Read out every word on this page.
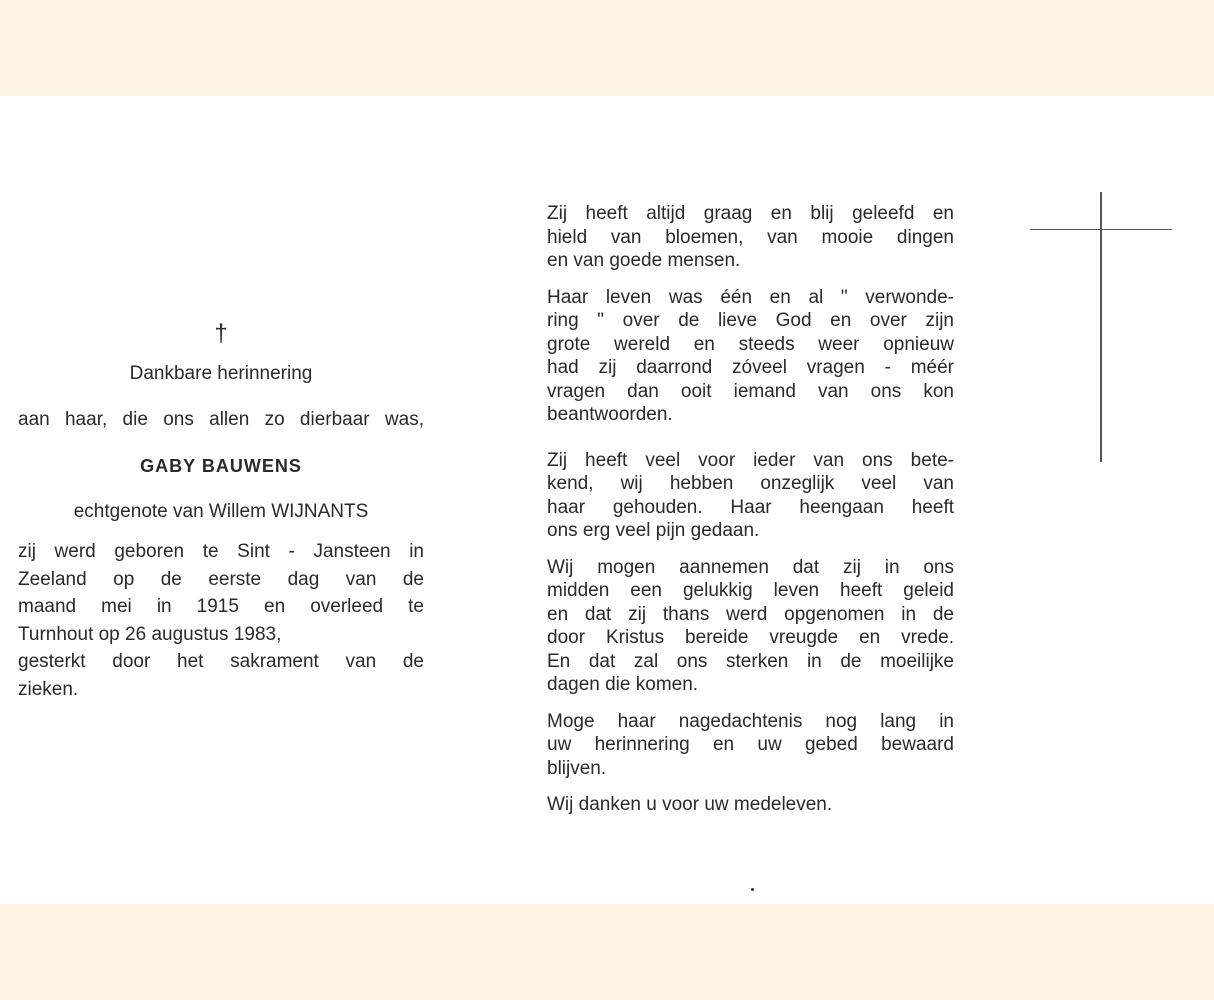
†
Dankbare herinnering
aan haar, die ons allen zo dierbaar was,
GABY BAUWENS
echtgenote van Willem WIJNANTS
zij werd geboren te Sint - Jansteen in
Zeeland op de eerste dag van de
maand mei in 1915 en overleed te
Turnhout op 26 augustus 1983,
gesterkt door het sakrament van de
zieken.
Zij heeft altijd graag en blij geleefd en
hield van bloemen, van mooie dingen
en van goede mensen.
Haar leven was één en al " verwonde-
ring " over de lieve God en over zijn
grote wereld en steeds weer opnieuw
had zij daarrond zóveel vragen - méér
vragen dan ooit iemand van ons kon
beantwoorden.
Zij heeft veel voor ieder van ons bete-
kend, wij hebben onzeglijk veel van
haar gehouden. Haar heengaan heeft
ons erg veel pijn gedaan.
Wij mogen aannemen dat zij in ons
midden een gelukkig leven heeft geleid
en dat zij thans werd opgenomen in de
door Kristus bereide vreugde en vrede.
En dat zal ons sterken in de moeilijke
dagen die komen.
Moge haar nagedachtenis nog lang in
uw herinnering en uw gebed bewaard
blijven.
Wij danken u voor uw medeleven.
